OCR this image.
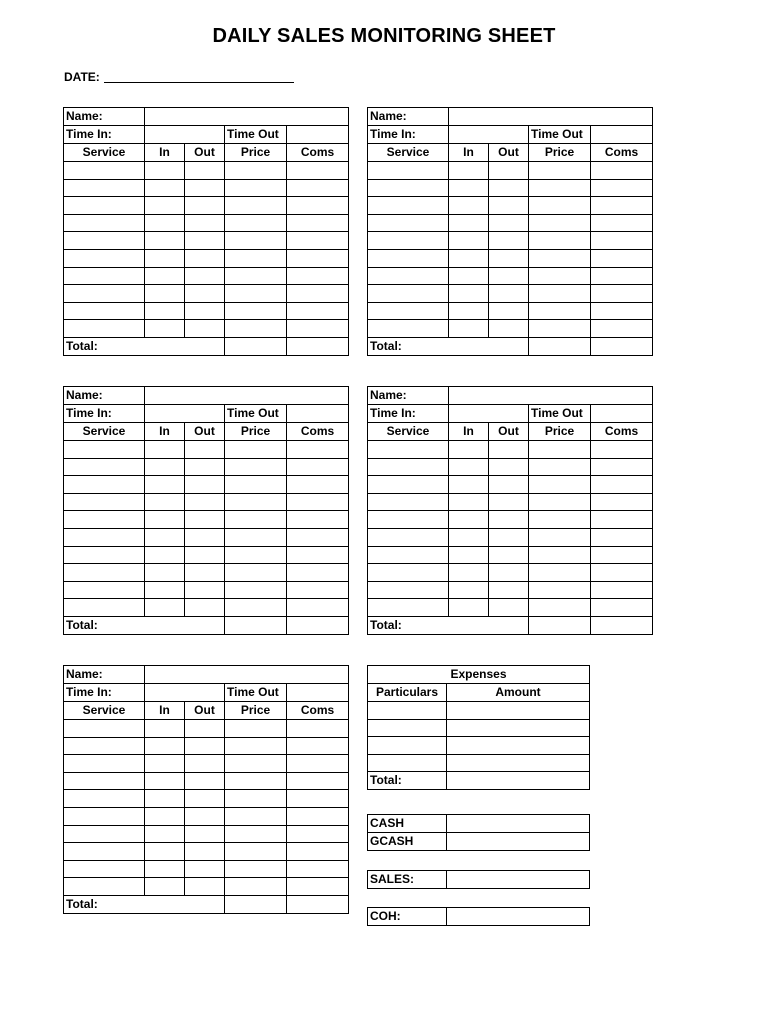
DAILY SALES MONITORING SHEET
DATE:
Name:				
Time In:			Time Out	
Service	In	Out	Price	Coms

Total:				
Name:				
Time In:			Time Out	
Service	In	Out	Price	Coms

Total:				
Name:				
Time In:			Time Out	
Service	In	Out	Price	Coms

Total:				
Name:				
Time In:			Time Out	
Service	In	Out	Price	Coms

Total:				
Name:				
Time In:			Time Out	
Service	In	Out	Price	Coms

Total:				
Expenses	
Particulars	Amount

Total:	
CASH	
GCASH	
SALES:	
COH:	
